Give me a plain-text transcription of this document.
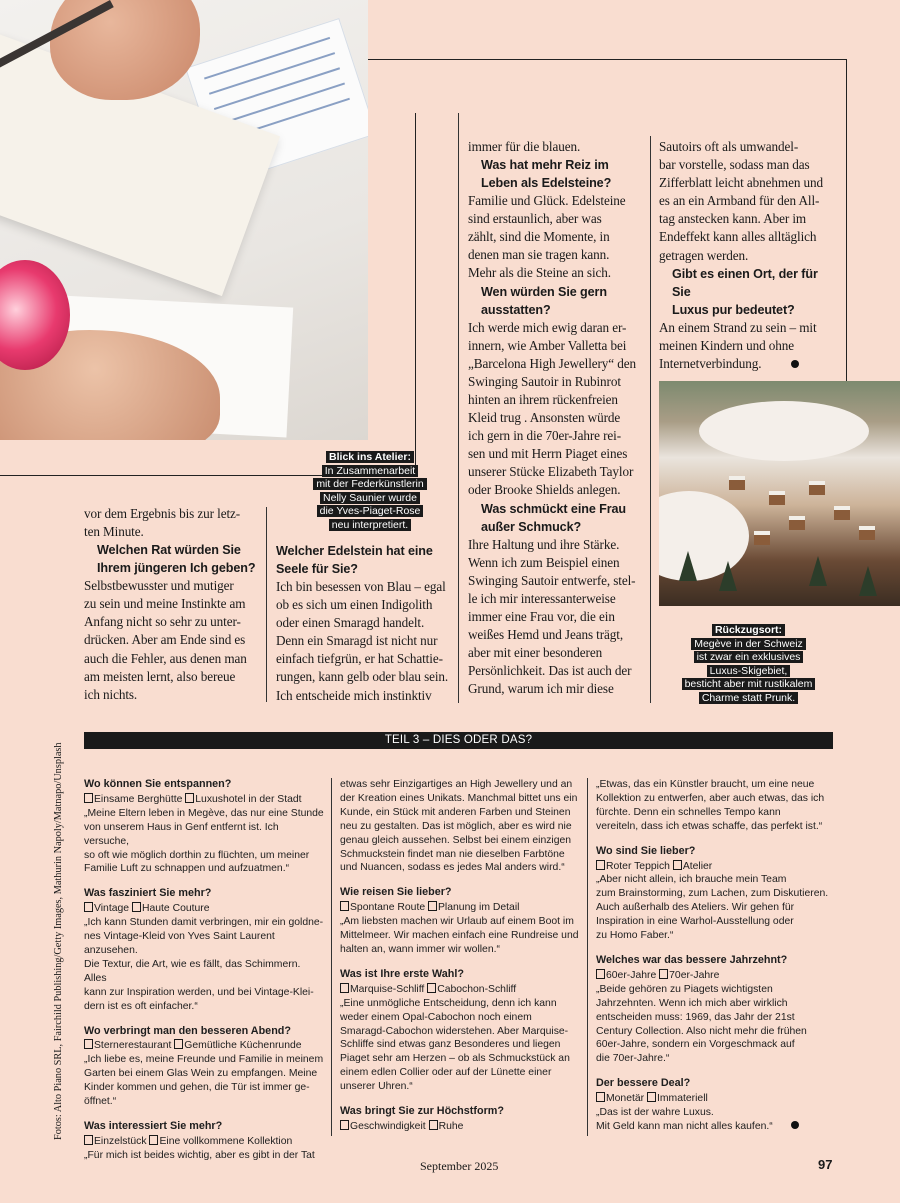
Blick ins Atelier:
In Zusammenarbeit
mit der Federkünstlerin
Nelly Saunier wurde
die Yves-Piaget-Rose
neu interpretiert.
vor dem Ergebnis bis zur letz-
ten Minute.
Welchen Rat würden Sie
Ihrem jüngeren Ich geben?
Selbstbewusster und mutiger
zu sein und meine Instinkte am
Anfang nicht so sehr zu unter-
drücken. Aber am Ende sind es
auch die Fehler, aus denen man
am meisten lernt, also bereue
ich nichts.
Welcher Edelstein hat eine
Seele für Sie?
Ich bin besessen von Blau – egal
ob es sich um einen Indigolith
oder einen Smaragd handelt.
Denn ein Smaragd ist nicht nur
einfach tiefgrün, er hat Schattie-
rungen, kann gelb oder blau sein.
Ich entscheide mich instinktiv
immer für die blauen.
Was hat mehr Reiz im
Leben als Edelsteine?
Familie und Glück. Edelsteine
sind erstaunlich, aber was
zählt, sind die Momente, in
denen man sie tragen kann.
Mehr als die Steine an sich.
Wen würden Sie gern
ausstatten?
Ich werde mich ewig daran er-
innern, wie Amber Valletta bei
„Barcelona High Jewellery“ den
Swinging Sautoir in Rubinrot
hinten an ihrem rückenfreien
Kleid trug . Ansonsten würde
ich gern in die 70er-Jahre rei-
sen und mit Herrn Piaget eines
unserer Stücke Elizabeth Taylor
oder Brooke Shields anlegen.
Was schmückt eine Frau
außer Schmuck?
Ihre Haltung und ihre Stärke.
Wenn ich zum Beispiel einen
Swinging Sautoir entwerfe, stel-
le ich mir interessanterweise
immer eine Frau vor, die ein
weißes Hemd und Jeans trägt,
aber mit einer besonderen
Persönlichkeit. Das ist auch der
Grund, warum ich mir diese
Sautoirs oft als umwandel-
bar vorstelle, sodass man das
Zifferblatt leicht abnehmen und
es an ein Armband für den All-
tag anstecken kann. Aber im
Endeffekt kann alles alltäglich
getragen werden.
Gibt es einen Ort, der für Sie
Luxus pur bedeutet?
An einem Strand zu sein – mit
meinen Kindern und ohne
Internetverbindung.
Rückzugsort:
Megève in der Schweiz
ist zwar ein exklusives
Luxus-Skigebiet,
besticht aber mit rustikalem
Charme statt Prunk.
TEIL 3 – DIES ODER DAS?
Fotos: Alto Piano SRL, Fairchild Publishing/Getty Images, Mathurin Napoly/Matnapo/Unsplash Wo können Sie entspannen?
Einsame Berghütte Luxushotel in der Stadt
„Meine Eltern leben in Megève, das nur eine Stunde
von unserem Haus in Genf entfernt ist. Ich versuche,
so oft wie möglich dorthin zu flüchten, um meiner
Familie Luft zu schnappen und aufzuatmen.“
Was fasziniert Sie mehr?
Vintage Haute Couture
„Ich kann Stunden damit verbringen, mir ein goldne-
nes Vintage-Kleid von Yves Saint Laurent anzusehen.
Die Textur, die Art, wie es fällt, das Schimmern. Alles
kann zur Inspiration werden, und bei Vintage-Klei-
dern ist es oft einfacher.“
Wo verbringt man den besseren Abend?
Sternerestaurant Gemütliche Küchenrunde
„Ich liebe es, meine Freunde und Familie in meinem
Garten bei einem Glas Wein zu empfangen. Meine
Kinder kommen und gehen, die Tür ist immer ge-
öffnet.“
Was interessiert Sie mehr?
Einzelstück Eine vollkommene Kollektion
„Für mich ist beides wichtig, aber es gibt in der Tat
etwas sehr Einzigartiges an High Jewellery und an
der Kreation eines Unikats. Manchmal bittet uns ein
Kunde, ein Stück mit anderen Farben und Steinen
neu zu gestalten. Das ist möglich, aber es wird nie
genau gleich aussehen. Selbst bei einem einzigen
Schmuckstein findet man nie dieselben Farbtöne
und Nuancen, sodass es jedes Mal anders wird.“
Wie reisen Sie lieber?
Spontane Route Planung im Detail
„Am liebsten machen wir Urlaub auf einem Boot im
Mittelmeer. Wir machen einfach eine Rundreise und
halten an, wann immer wir wollen.“
Was ist Ihre erste Wahl?
Marquise-Schliff Cabochon-Schliff
„Eine unmögliche Entscheidung, denn ich kann
weder einem Opal-Cabochon noch einem
Smaragd-Cabochon widerstehen. Aber Marquise-
Schliffe sind etwas ganz Besonderes und liegen
Piaget sehr am Herzen – ob als Schmuckstück an
einem edlen Collier oder auf der Lünette einer
unserer Uhren.“
Was bringt Sie zur Höchstform?
Geschwindigkeit Ruhe
„Etwas, das ein Künstler braucht, um eine neue
Kollektion zu entwerfen, aber auch etwas, das ich
fürchte. Denn ein schnelles Tempo kann
vereiteln, dass ich etwas schaffe, das perfekt ist.“
Wo sind Sie lieber?
Roter Teppich Atelier
„Aber nicht allein, ich brauche mein Team
zum Brainstorming, zum Lachen, zum Diskutieren.
Auch außerhalb des Ateliers. Wir gehen für
Inspiration in eine Warhol-Ausstellung oder
zu Homo Faber.“
Welches war das bessere Jahrzehnt?
60er-Jahre 70er-Jahre
„Beide gehören zu Piagets wichtigsten
Jahrzehnten. Wenn ich mich aber wirklich
entscheiden muss: 1969, das Jahr der 21st
Century Collection. Also nicht mehr die frühen
60er-Jahre, sondern ein Vorgeschmack auf
die 70er-Jahre.“
Der bessere Deal?
Monetär Immateriell
„Das ist der wahre Luxus.
Mit Geld kann man nicht alles kaufen.“
September 2025	97
